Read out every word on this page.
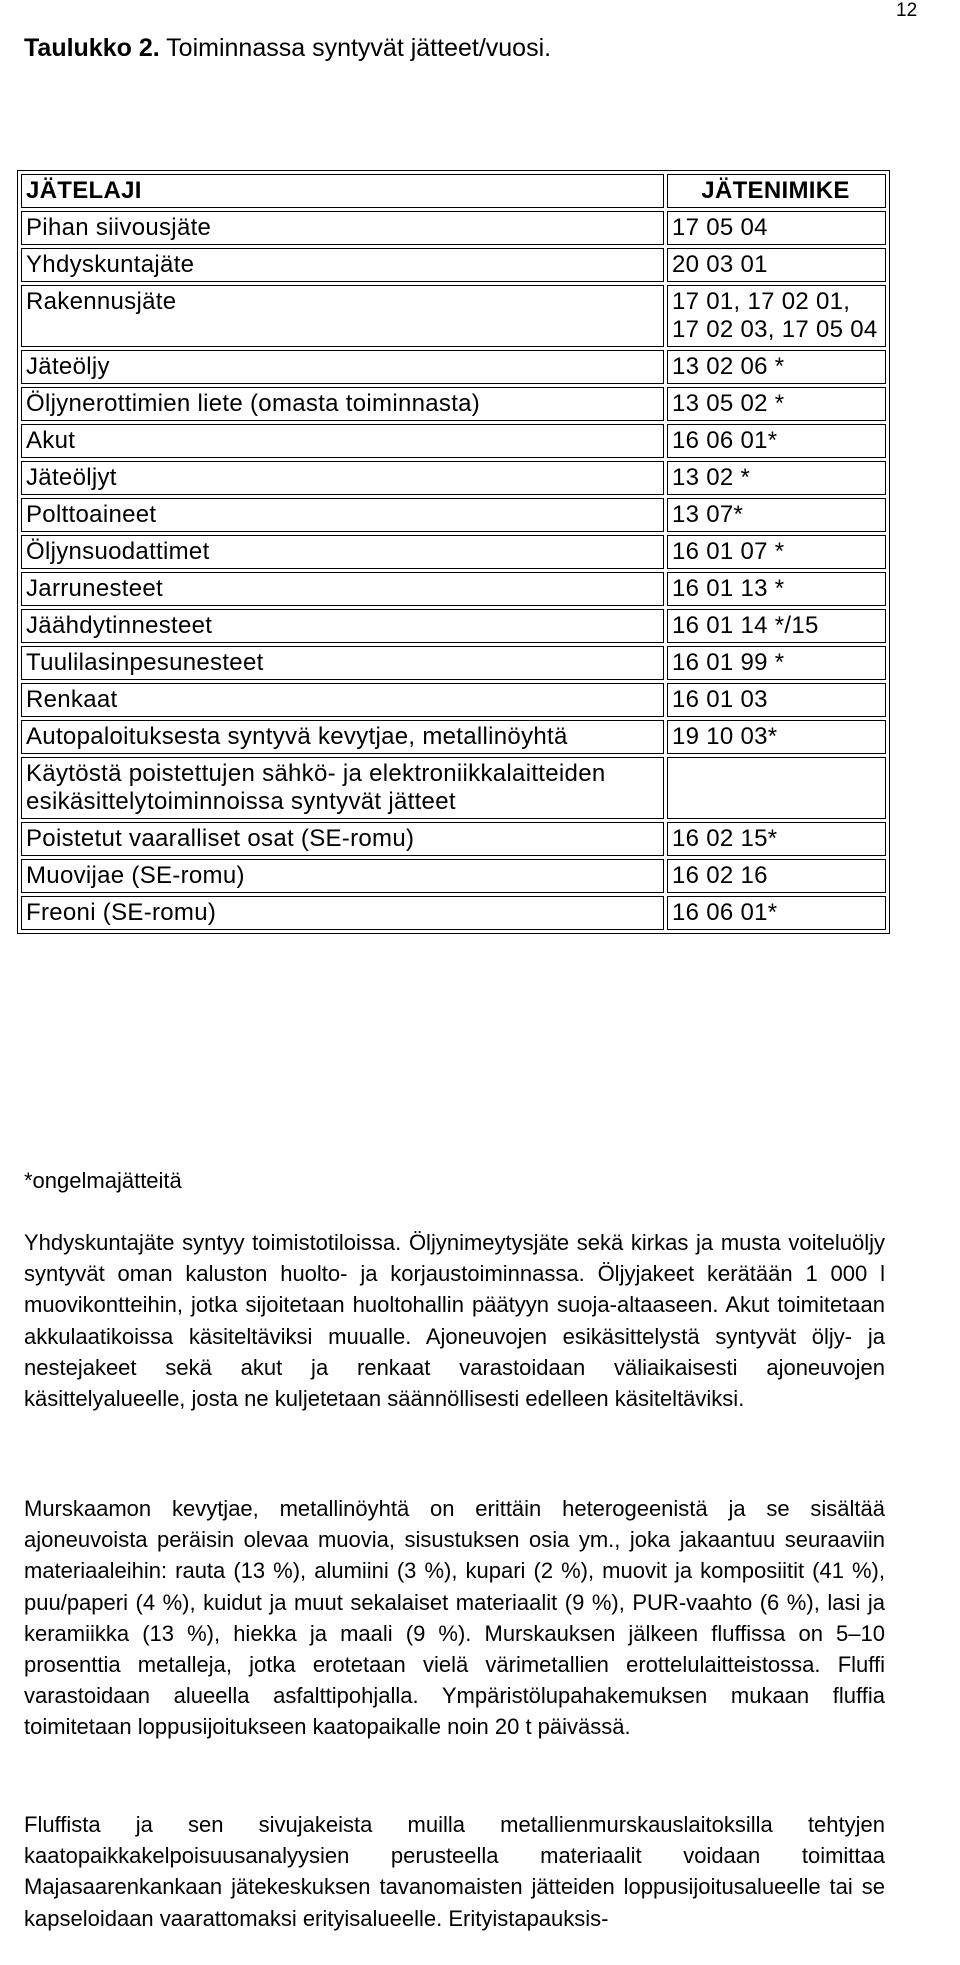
12
Taulukko 2. Toiminnassa syntyvät jätteet/vuosi.
JÄTELAJI	JÄTENIMIKE
Pihan siivousjäte	17 05 04
Yhdyskuntajäte	20 03 01
Rakennusjäte	17 01, 17 02 01, 17 02 03, 17 05 04
Jäteöljy	13 02 06 *
Öljynerottimien liete (omasta toiminnasta)	13 05 02 *
Akut	16 06 01*
Jäteöljyt	13 02 *
Polttoaineet	13 07*
Öljynsuodattimet	16 01 07 *
Jarrunesteet	16 01 13 *
Jäähdytinnesteet	16 01 14 */15
Tuulilasinpesunesteet	16 01 99 *
Renkaat	16 01 03
Autopaloituksesta syntyvä kevytjae, metallinöyhtä	19 10 03*
Käytöstä poistettujen sähkö- ja elektroniikkalaitteiden esikäsittelytoiminnoissa syntyvät jätteet	
Poistetut vaaralliset osat (SE-romu)	16 02 15*
Muovijae (SE-romu)	16 02 16
Freoni (SE-romu)	16 06 01*
*ongelmajätteitä

Yhdyskuntajäte syntyy toimistotiloissa. Öljynimeytysjäte sekä kirkas ja musta voiteluöljy syntyvät oman kaluston huolto- ja korjaustoiminnassa. Öljyjakeet kerätään 1 000 l muovikontteihin, jotka sijoitetaan huoltohallin päätyyn suoja-altaaseen. Akut toimitetaan akkulaatikoissa käsiteltäviksi muualle. Ajoneuvojen esikäsittelystä syntyvät öljy- ja nestejakeet sekä akut ja renkaat varastoidaan väliaikaisesti ajoneuvojen käsittelyalueelle, josta ne kuljetetaan säännöllisesti edelleen käsiteltäviksi.

Murskaamon kevytjae, metallinöyhtä on erittäin heterogeenistä ja se sisältää ajoneuvoista peräisin olevaa muovia, sisustuksen osia ym., joka jakaantuu seuraaviin materiaaleihin: rauta (13 %), alumiini (3 %), kupari (2 %), muovit ja komposiitit (41 %), puu/paperi (4 %), kuidut ja muut sekalaiset materiaalit (9 %), PUR-vaahto (6 %), lasi ja keramiikka (13 %), hiekka ja maali (9 %). Murskauksen jälkeen fluffissa on 5–10 prosenttia metalleja, jotka erotetaan vielä värimetallien erottelulaitteistossa. Fluffi varastoidaan alueella asfalttipohjalla. Ympäristölupahakemuksen mukaan fluffia toimitetaan loppusijoitukseen kaatopaikalle noin 20 t päivässä.

Fluffista ja sen sivujakeista muilla metallienmurskauslaitoksilla tehtyjen kaatopaikkakelpoisuusanalyysien perusteella materiaalit voidaan toimittaa Majasaarenkankaan jätekeskuksen tavanomaisten jätteiden loppusijoitusalueelle tai se kapseloidaan vaarattomaksi erityisalueelle. Erityistapauksis-
